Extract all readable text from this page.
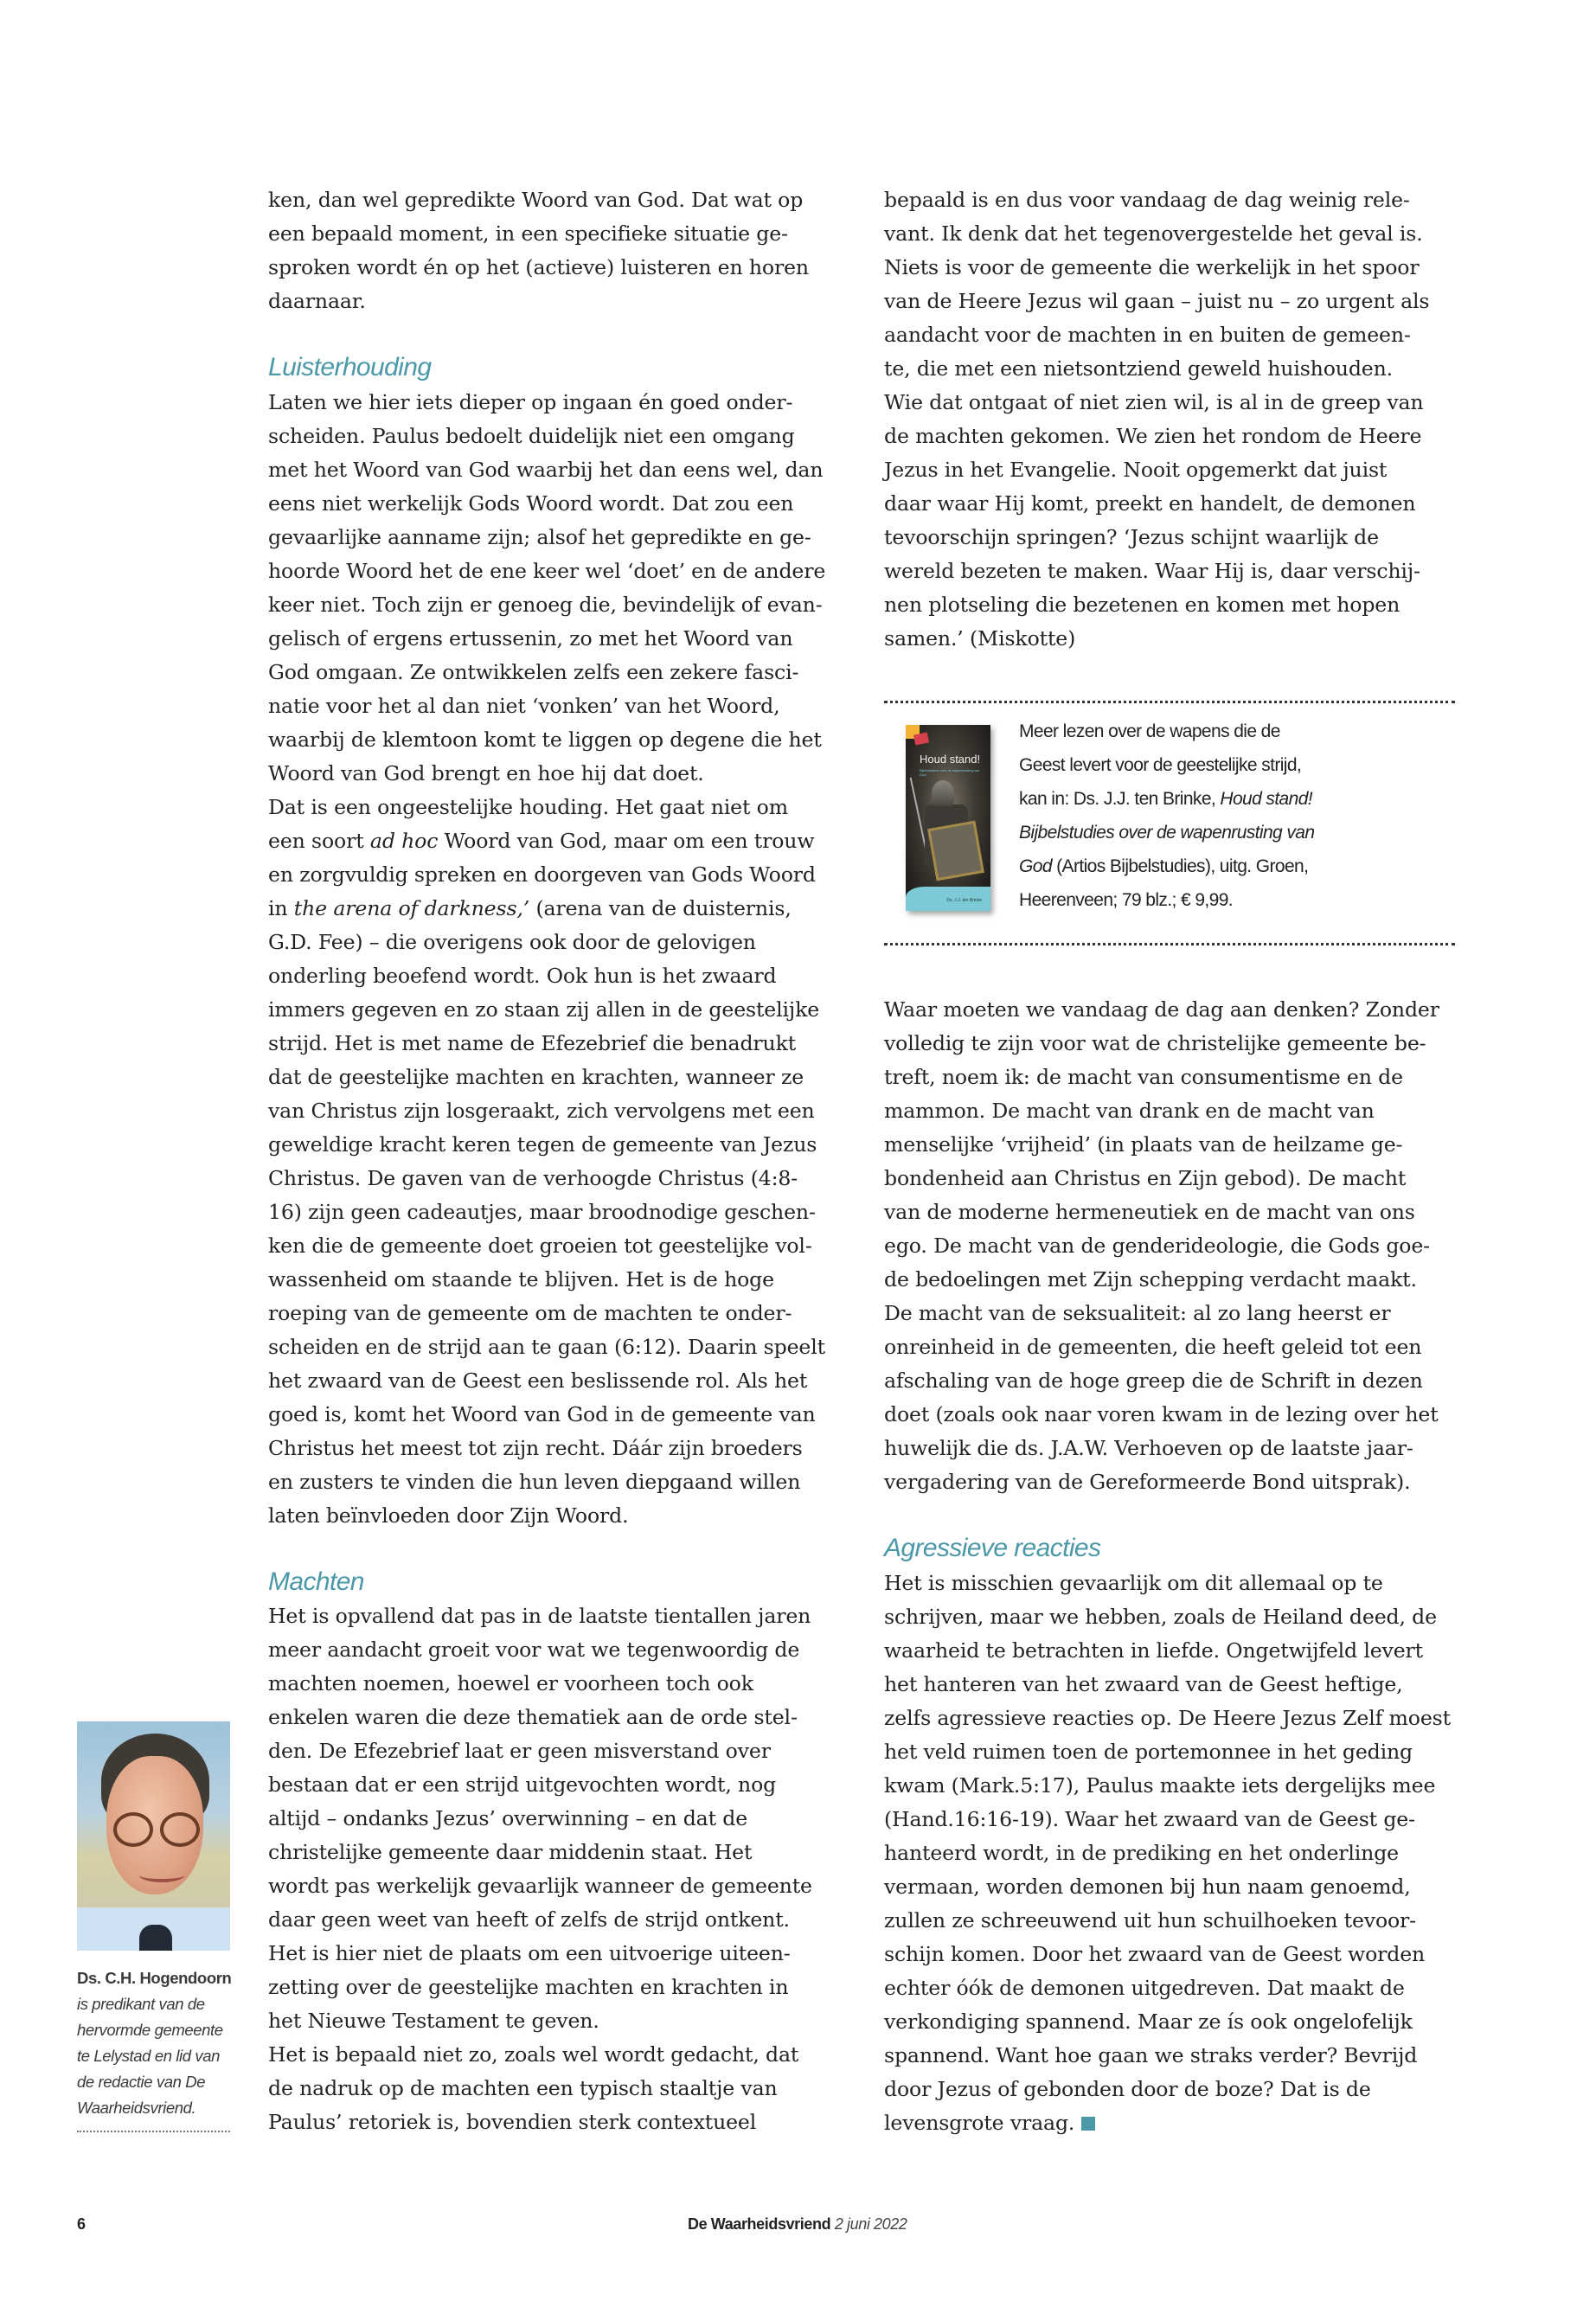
ken, dan wel gepredikte Woord van God. Dat wat op
een bepaald moment, in een specifieke situatie ge-
sproken wordt én op het (actieve) luisteren en horen
daarnaar.
Luisterhouding
Laten we hier iets dieper op ingaan én goed onder-
scheiden. Paulus bedoelt duidelijk niet een omgang
met het Woord van God waarbij het dan eens wel, dan
eens niet werkelijk Gods Woord wordt. Dat zou een
gevaarlijke aanname zijn; alsof het gepredikte en ge-
hoorde Woord het de ene keer wel ‘doet’ en de andere
keer niet. Toch zijn er genoeg die, bevindelijk of evan-
gelisch of ergens ertussenin, zo met het Woord van
God omgaan. Ze ontwikkelen zelfs een zekere fasci-
natie voor het al dan niet ‘vonken’ van het Woord,
waarbij de klemtoon komt te liggen op degene die het
Woord van God brengt en hoe hij dat doet.
Dat is een ongeestelijke houding. Het gaat niet om
een soort ad hoc Woord van God, maar om een trouw
en zorgvuldig spreken en doorgeven van Gods Woord
in the arena of darkness,’ (arena van de duisternis,
G.D. Fee) – die overigens ook door de gelovigen
onderling beoefend wordt. Ook hun is het zwaard
immers gegeven en zo staan zij allen in de geestelijke
strijd. Het is met name de Efezebrief die benadrukt
dat de geestelijke machten en krachten, wanneer ze
van Christus zijn losgeraakt, zich vervolgens met een
geweldige kracht keren tegen de gemeente van Jezus
Christus. De gaven van de verhoogde Christus (4:8-
16) zijn geen cadeautjes, maar broodnodige geschen-
ken die de gemeente doet groeien tot geestelijke vol-
wassenheid om staande te blijven. Het is de hoge
roeping van de gemeente om de machten te onder-
scheiden en de strijd aan te gaan (6:12). Daarin speelt
het zwaard van de Geest een beslissende rol. Als het
goed is, komt het Woord van God in de gemeente van
Christus het meest tot zijn recht. Dáár zijn broeders
en zusters te vinden die hun leven diepgaand willen
laten beïnvloeden door Zijn Woord.
Machten
Het is opvallend dat pas in de laatste tientallen jaren
meer aandacht groeit voor wat we tegenwoordig de
machten noemen, hoewel er voorheen toch ook
enkelen waren die deze thematiek aan de orde stel-
den. De Efezebrief laat er geen misverstand over
bestaan dat er een strijd uitgevochten wordt, nog
altijd – ondanks Jezus’ overwinning – en dat de
christelijke gemeente daar middenin staat. Het
wordt pas werkelijk gevaarlijk wanneer de gemeente
daar geen weet van heeft of zelfs de strijd ontkent.
Het is hier niet de plaats om een uitvoerige uiteen-
zetting over de geestelijke machten en krachten in
het Nieuwe Testament te geven.
Het is bepaald niet zo, zoals wel wordt gedacht, dat
de nadruk op de machten een typisch staaltje van
Paulus’ retoriek is, bovendien sterk contextueel
bepaald is en dus voor vandaag de dag weinig rele-
vant. Ik denk dat het tegenovergestelde het geval is.
Niets is voor de gemeente die werkelijk in het spoor
van de Heere Jezus wil gaan – juist nu – zo urgent als
aandacht voor de machten in en buiten de gemeen-
te, die met een nietsontziend geweld huishouden.
Wie dat ontgaat of niet zien wil, is al in de greep van
de machten gekomen. We zien het rondom de Heere
Jezus in het Evangelie. Nooit opgemerkt dat juist
daar waar Hij komt, preekt en handelt, de demonen
tevoorschijn springen? ‘Jezus schijnt waarlijk de
wereld bezeten te maken. Waar Hij is, daar verschij-
nen plotseling die bezetenen en komen met hopen
samen.’ (Miskotte)
Houd stand!
Bijbelstudies over de wapenrusting van God
Ds. J.J. ten Brinke
Meer lezen over de wapens die de
Geest levert voor de geestelijke strijd,
kan in: Ds. J.J. ten Brinke, Houd stand!
Bijbelstudies over de wapenrusting van
God (Artios Bijbelstudies), uitg. Groen,
Heerenveen; 79 blz.; € 9,99.
Waar moeten we vandaag de dag aan denken? Zonder
volledig te zijn voor wat de christelijke gemeente be-
treft, noem ik: de macht van consumentisme en de
mammon. De macht van drank en de macht van
menselijke ‘vrijheid’ (in plaats van de heilzame ge-
bondenheid aan Christus en Zijn gebod). De macht
van de moderne hermeneutiek en de macht van ons
ego. De macht van de genderideologie, die Gods goe-
de bedoelingen met Zijn schepping verdacht maakt.
De macht van de seksualiteit: al zo lang heerst er
onreinheid in de gemeenten, die heeft geleid tot een
afschaling van de hoge greep die de Schrift in dezen
doet (zoals ook naar voren kwam in de lezing over het
huwelijk die ds. J.A.W. Verhoeven op de laatste jaar-
vergadering van de Gereformeerde Bond uitsprak).
Agressieve reacties
Het is misschien gevaarlijk om dit allemaal op te
schrijven, maar we hebben, zoals de Heiland deed, de
waarheid te betrachten in liefde. Ongetwijfeld levert
het hanteren van het zwaard van de Geest heftige,
zelfs agressieve reacties op. De Heere Jezus Zelf moest
het veld ruimen toen de portemonnee in het geding
kwam (Mark.5:17), Paulus maakte iets dergelijks mee
(Hand.16:16-19). Waar het zwaard van de Geest ge-
hanteerd wordt, in de prediking en het onderlinge
vermaan, worden demonen bij hun naam genoemd,
zullen ze schreeuwend uit hun schuilhoeken tevoor-
schijn komen. Door het zwaard van de Geest worden
echter óók de demonen uitgedreven. Dat maakt de
verkondiging spannend. Maar ze ís ook ongelofelijk
spannend. Want hoe gaan we straks verder? Bevrijd
door Jezus of gebonden door de boze? Dat is de
levensgrote vraag.
Ds. C.H. Hogendoorn
is predikant van de
hervormde gemeente
te Lelystad en lid van
de redactie van De
Waarheidsvriend.
6	De Waarheidsvriend 2 juni 2022
